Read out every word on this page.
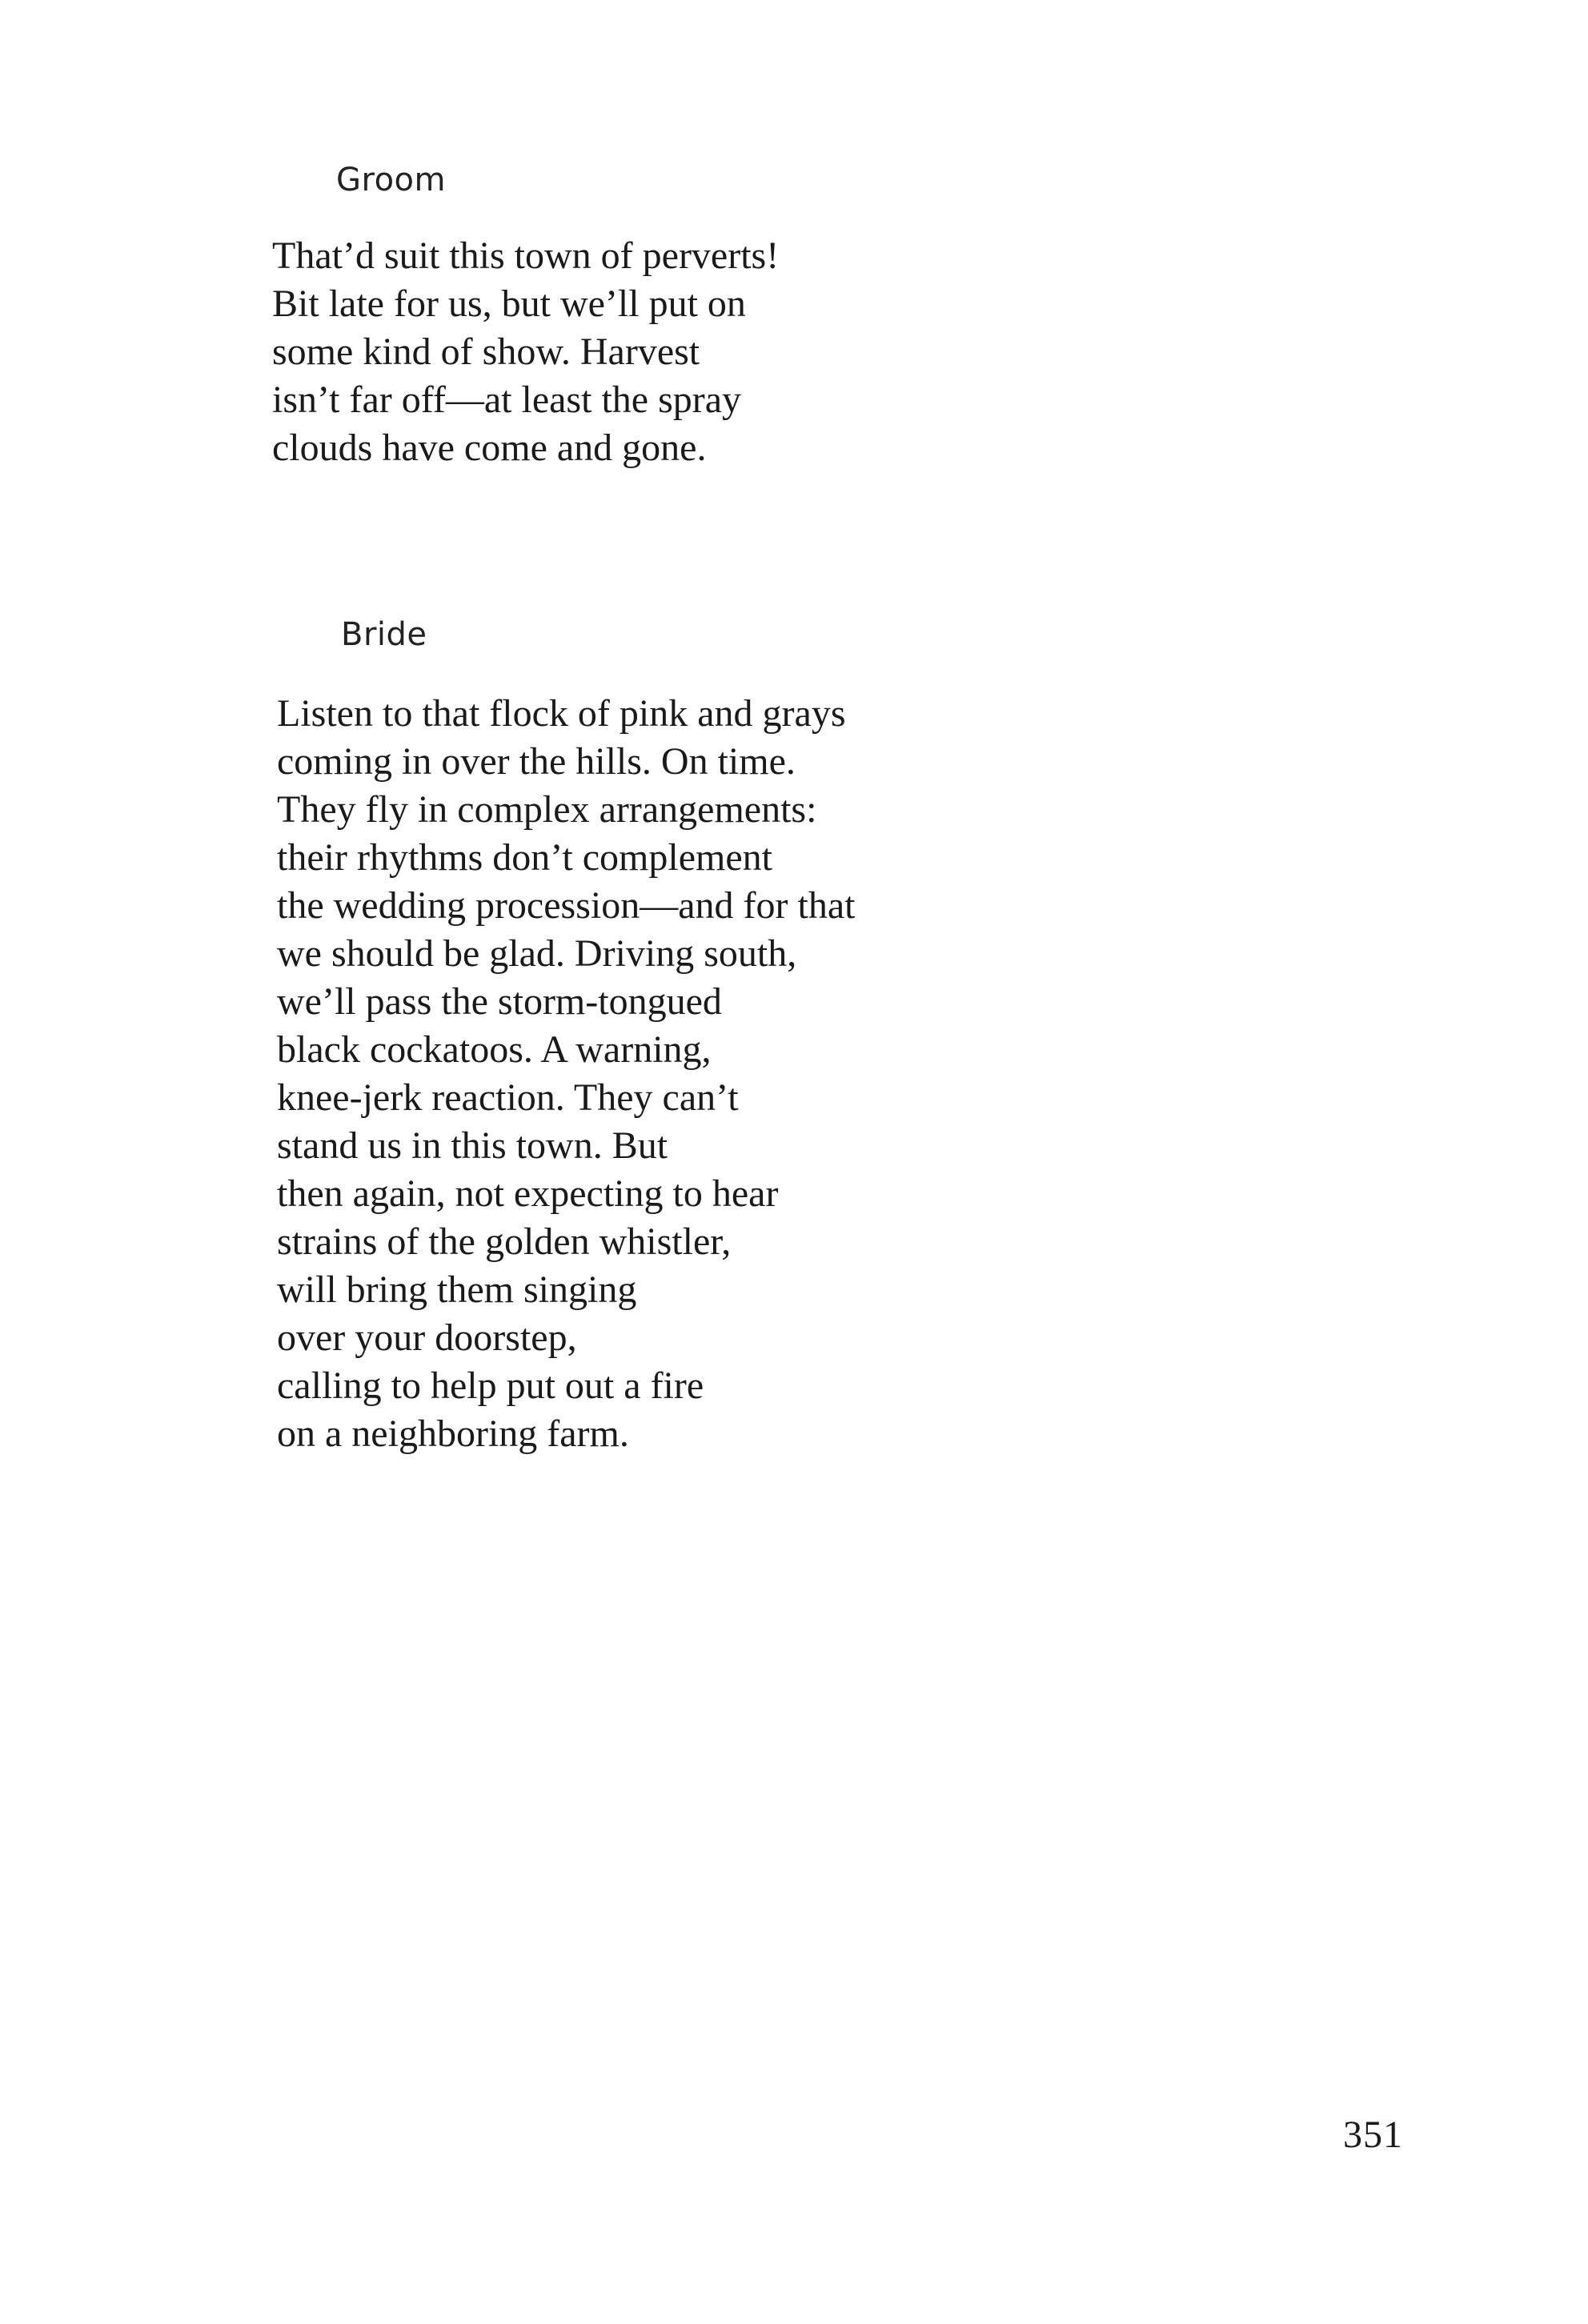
Groom
That’d suit this town of perverts!
Bit late for us, but we’ll put on
some kind of show. Harvest
isn’t far off—at least the spray
clouds have come and gone.
Bride
Listen to that flock of pink and grays
coming in over the hills. On time.
They fly in complex arrangements:
their rhythms don’t complement
the wedding procession—and for that
we should be glad. Driving south,
we’ll pass the storm-tongued
black cockatoos. A warning,
knee-jerk reaction. They can’t
stand us in this town. But
then again, not expecting to hear
strains of the golden whistler,
will bring them singing
over your doorstep,
calling to help put out a fire
on a neighboring farm.
351
